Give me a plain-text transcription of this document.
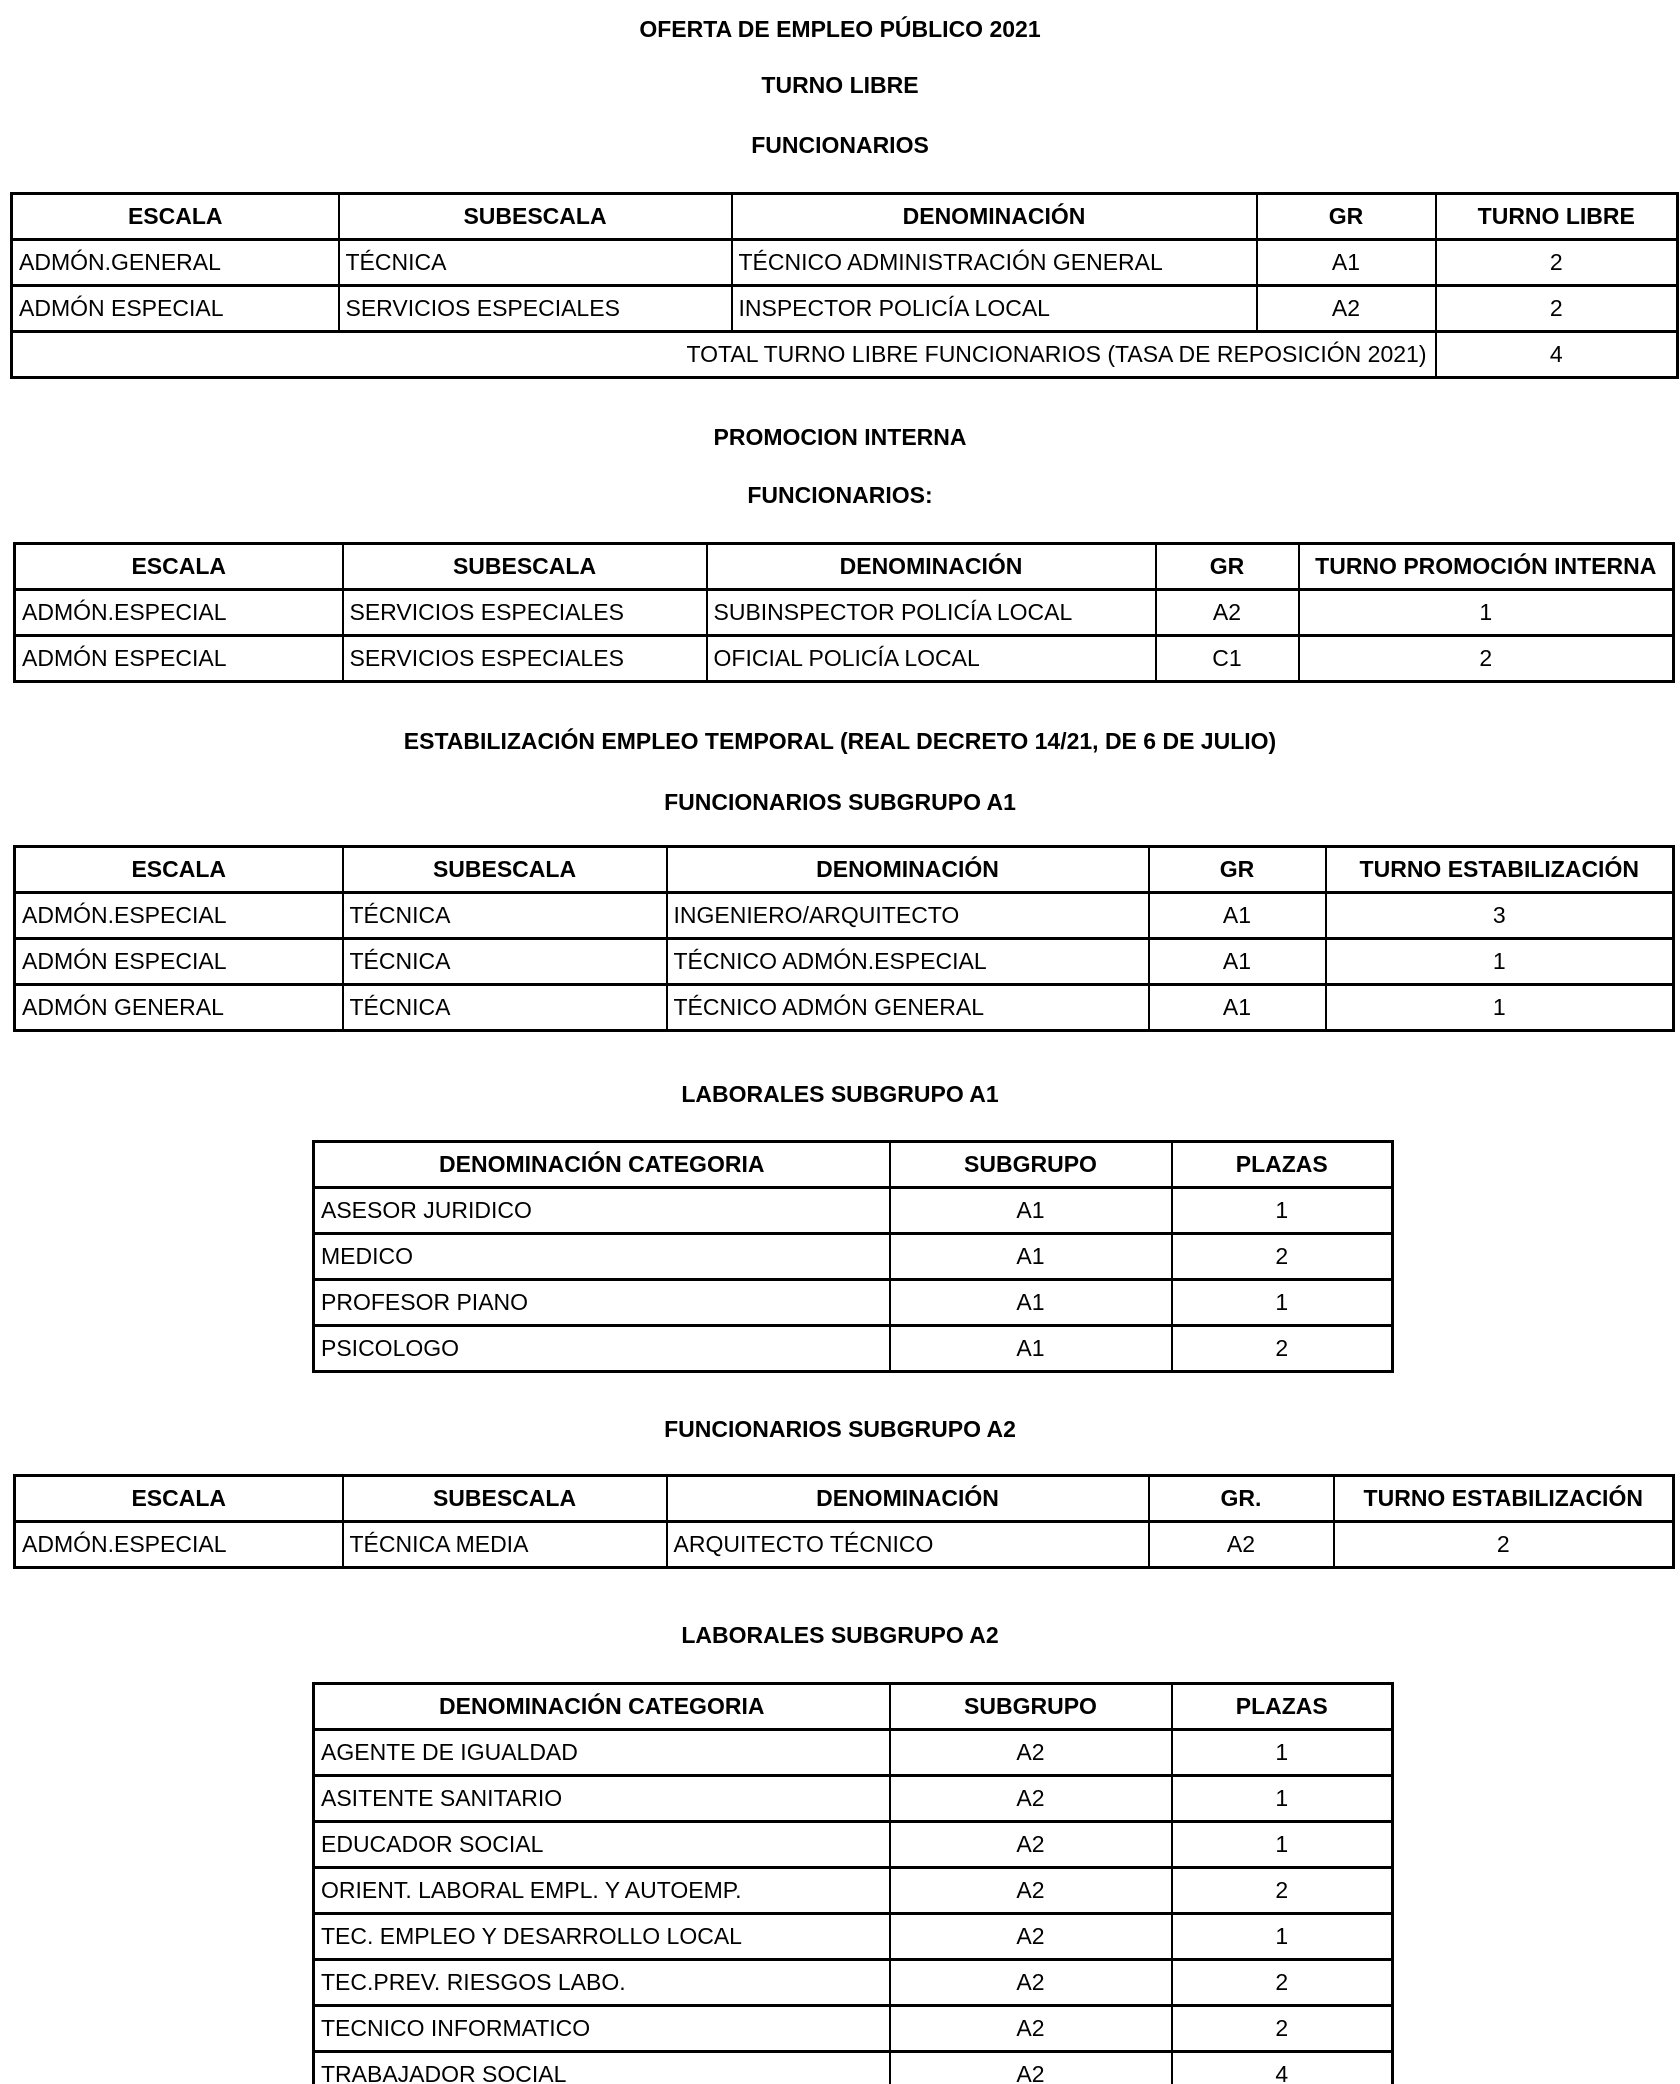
OFERTA DE EMPLEO PÚBLICO 2021
TURNO LIBRE
FUNCIONARIOS
ESCALA	SUBESCALA	DENOMINACIÓN	GR	TURNO LIBRE
ADMÓN.GENERAL	TÉCNICA	TÉCNICO ADMINISTRACIÓN GENERAL	A1	2
ADMÓN ESPECIAL	SERVICIOS ESPECIALES	INSPECTOR POLICÍA LOCAL	A2	2
TOTAL TURNO LIBRE FUNCIONARIOS (TASA DE REPOSICIÓN 2021)				4
PROMOCION INTERNA
FUNCIONARIOS:
ESCALA	SUBESCALA	DENOMINACIÓN	GR	TURNO PROMOCIÓN INTERNA
ADMÓN.ESPECIAL	SERVICIOS ESPECIALES	SUBINSPECTOR POLICÍA LOCAL	A2	1
ADMÓN ESPECIAL	SERVICIOS ESPECIALES	OFICIAL POLICÍA LOCAL	C1	2
ESTABILIZACIÓN EMPLEO TEMPORAL (REAL DECRETO 14/21, DE 6 DE JULIO)
FUNCIONARIOS SUBGRUPO A1
ESCALA	SUBESCALA	DENOMINACIÓN	GR	TURNO ESTABILIZACIÓN
ADMÓN.ESPECIAL	TÉCNICA	INGENIERO/ARQUITECTO	A1	3
ADMÓN ESPECIAL	TÉCNICA	TÉCNICO ADMÓN.ESPECIAL	A1	1
ADMÓN GENERAL	TÉCNICA	TÉCNICO ADMÓN GENERAL	A1	1
LABORALES SUBGRUPO A1
DENOMINACIÓN CATEGORIA	SUBGRUPO	PLAZAS
ASESOR JURIDICO	A1	1
MEDICO	A1	2
PROFESOR PIANO	A1	1
PSICOLOGO	A1	2
FUNCIONARIOS SUBGRUPO A2
ESCALA	SUBESCALA	DENOMINACIÓN	GR.	TURNO ESTABILIZACIÓN
ADMÓN.ESPECIAL	TÉCNICA MEDIA	ARQUITECTO TÉCNICO	A2	2
LABORALES SUBGRUPO A2
DENOMINACIÓN CATEGORIA	SUBGRUPO	PLAZAS
AGENTE DE IGUALDAD	A2	1
ASITENTE SANITARIO	A2	1
EDUCADOR SOCIAL	A2	1
ORIENT. LABORAL EMPL. Y AUTOEMP.	A2	2
TEC. EMPLEO Y DESARROLLO LOCAL	A2	1
TEC.PREV. RIESGOS LABO.	A2	2
TECNICO INFORMATICO	A2	2
TRABAJADOR SOCIAL	A2	4
